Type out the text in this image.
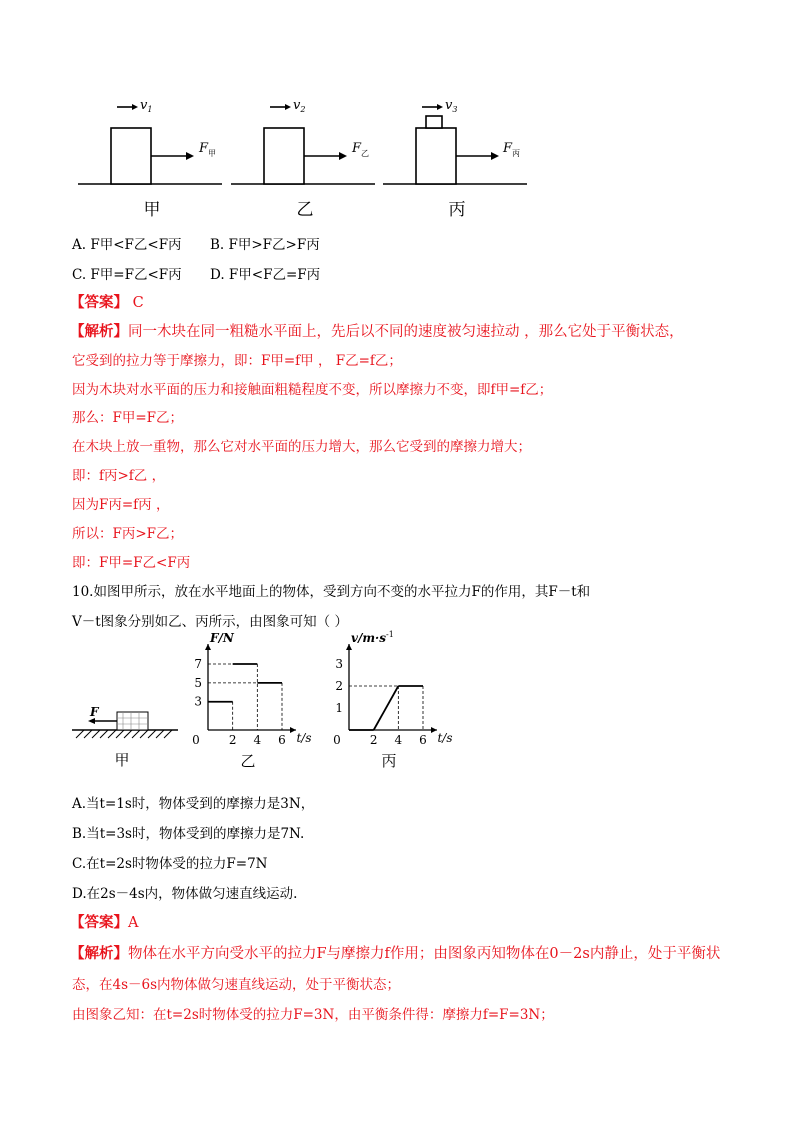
$v_1$	$v_2$	$v_3$
$F_甲$	$F_乙$	$F_丙$
甲	乙	丙
A. F甲<F乙<F丙 B. F甲>F乙>F丙
C. F甲=F乙<F丙 D. F甲<F乙=F丙
【答案】 C
【解析】同一木块在同一粗糙水平面上，先后以不同的速度被匀速拉动 ，那么它处于平衡状态，
它受到的拉力等于摩擦力，即：F甲=f甲 ， F乙=f乙；
因为木块对水平面的压力和接触面粗糙程度不变，所以摩擦力不变，即f甲=f乙；
那么：F甲=F乙；
在木块上放一重物，那么它对水平面的压力增大，那么它受到的摩擦力增大；
即：f丙>f乙 ，
因为F丙=f丙 ，
所以：F丙>F乙；
即：F甲=F乙<F丙
10.如图甲所示，放在水平地面上的物体，受到方向不变的水平拉力F的作用，其F－t和
V－t图象分别如乙、丙所示，由图象可知（ ）
F
甲
0 2 4 6 t/s
7
5
3
F/N
乙
0 2 4 6 t/s
3
2
1
$v/m\cdot s^{-1}$
丙
A.当t=1s时，物体受到的摩擦力是3N，
B.当t=3s时，物体受到的摩擦力是7N.
C.在t=2s时物体受的拉力F=7N
D.在2s－4s内，物体做匀速直线运动.
【答案】A
【解析】物体在水平方向受水平的拉力F与摩擦力f作用；由图象丙知物体在0－2s内静止，处于平衡状
态，在4s－6s内物体做匀速直线运动，处于平衡状态；
由图象乙知：在t=2s时物体受的拉力F=3N，由平衡条件得：摩擦力f=F=3N；
